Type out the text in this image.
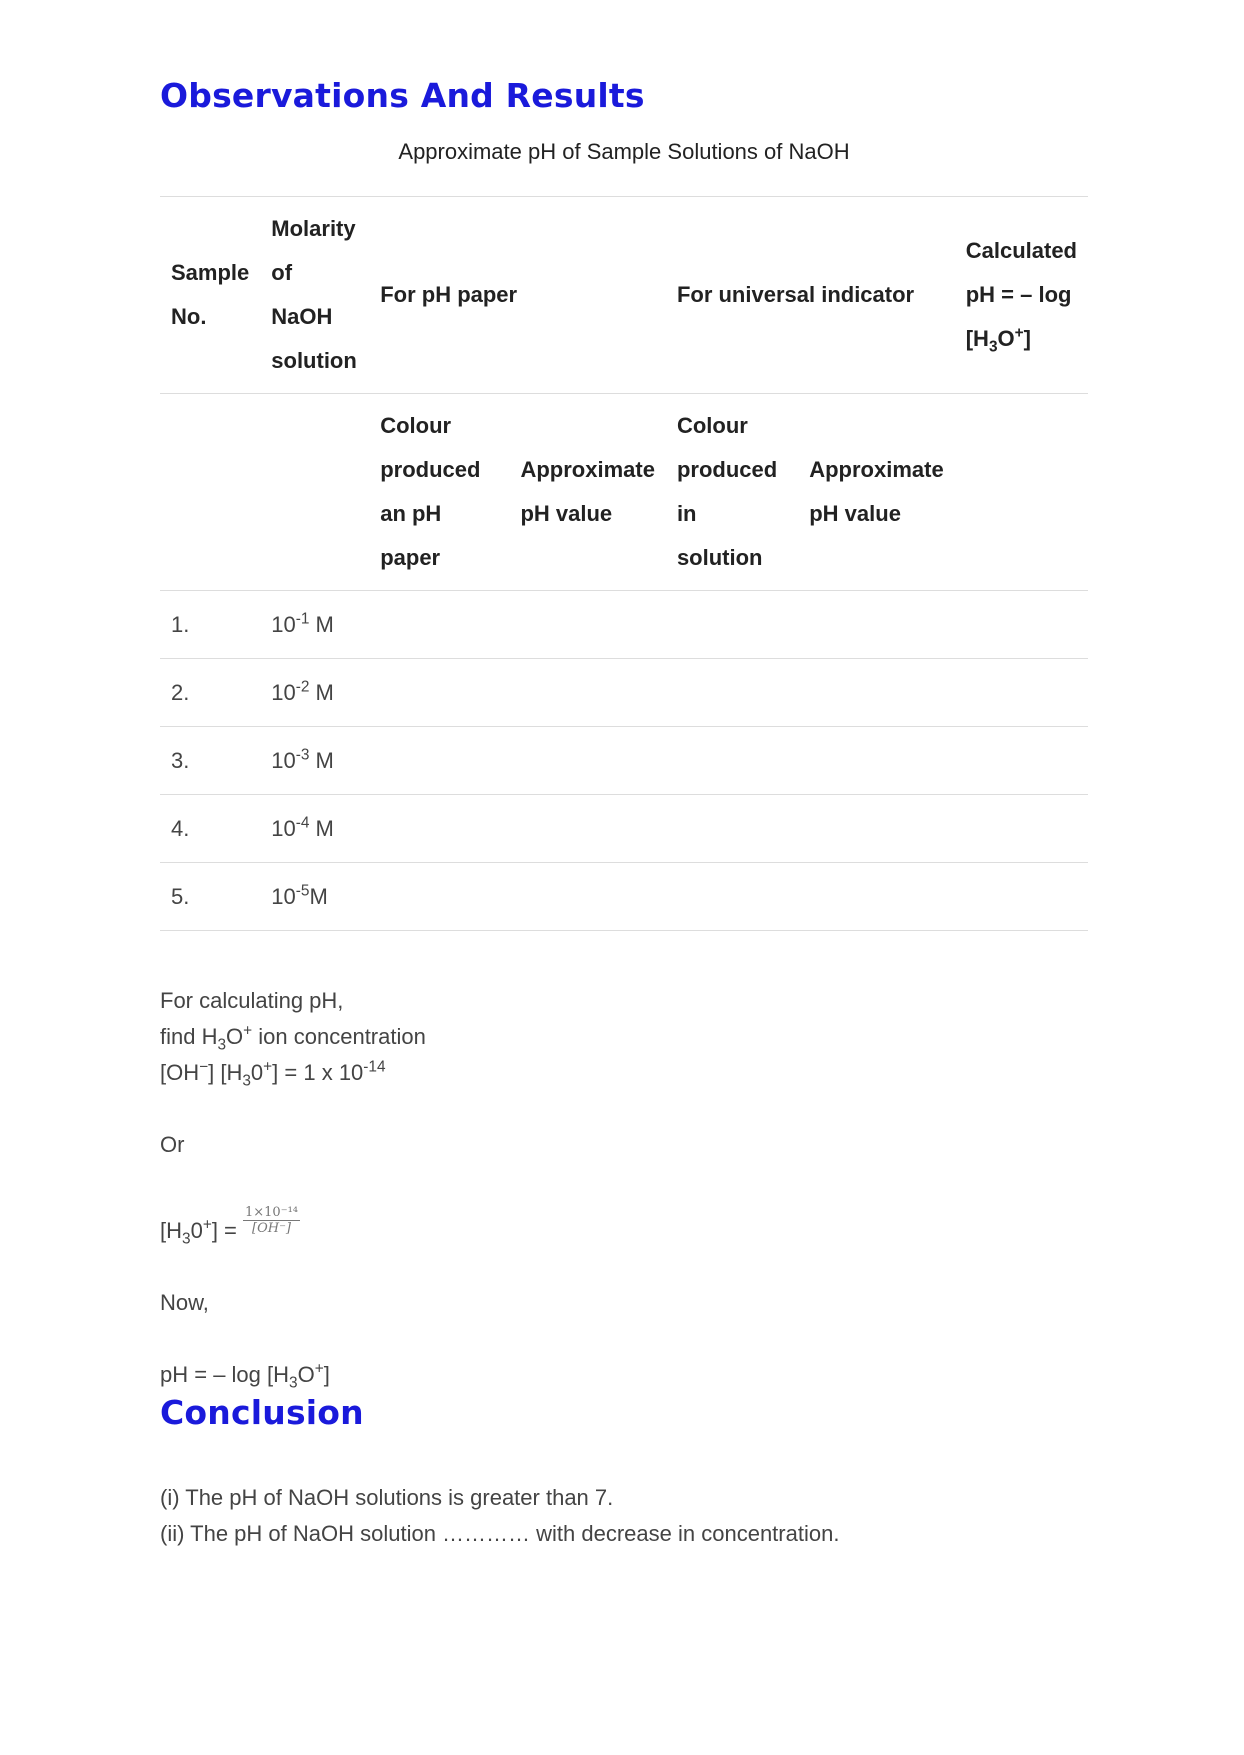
Observations And Results
Approximate pH of Sample Solutions of NaOH
Sample No.	Molarity of NaOH solution	For pH paper		For universal indicator		Calculated pH = – $\log [H_3O^+]$
		Colour produced an pH paper	Approximate pH value	Colour produced in solution	Approximate pH value	
1.	$10^{-1}$ M					
2.	$10^{-2}$ M					
3.	$10^{-3}$ M					
4.	$10^{-4}$ M					
5.	$10^{-5}M$					
For calculating pH,
find $H_3O^+$ ion concentration
[OH−] $[H_30^+] = 1$ x $10^{-14}$
Or
$[H_30^+] = \frac{\text{1×10⁻¹⁴}}{[OH^-]}$
Now,
pH = – $\log [H_3O^+]$
Conclusion
(i) The pH of NaOH solutions is greater than 7.
(ii) The pH of NaOH solution ………… with decrease in concentration.
